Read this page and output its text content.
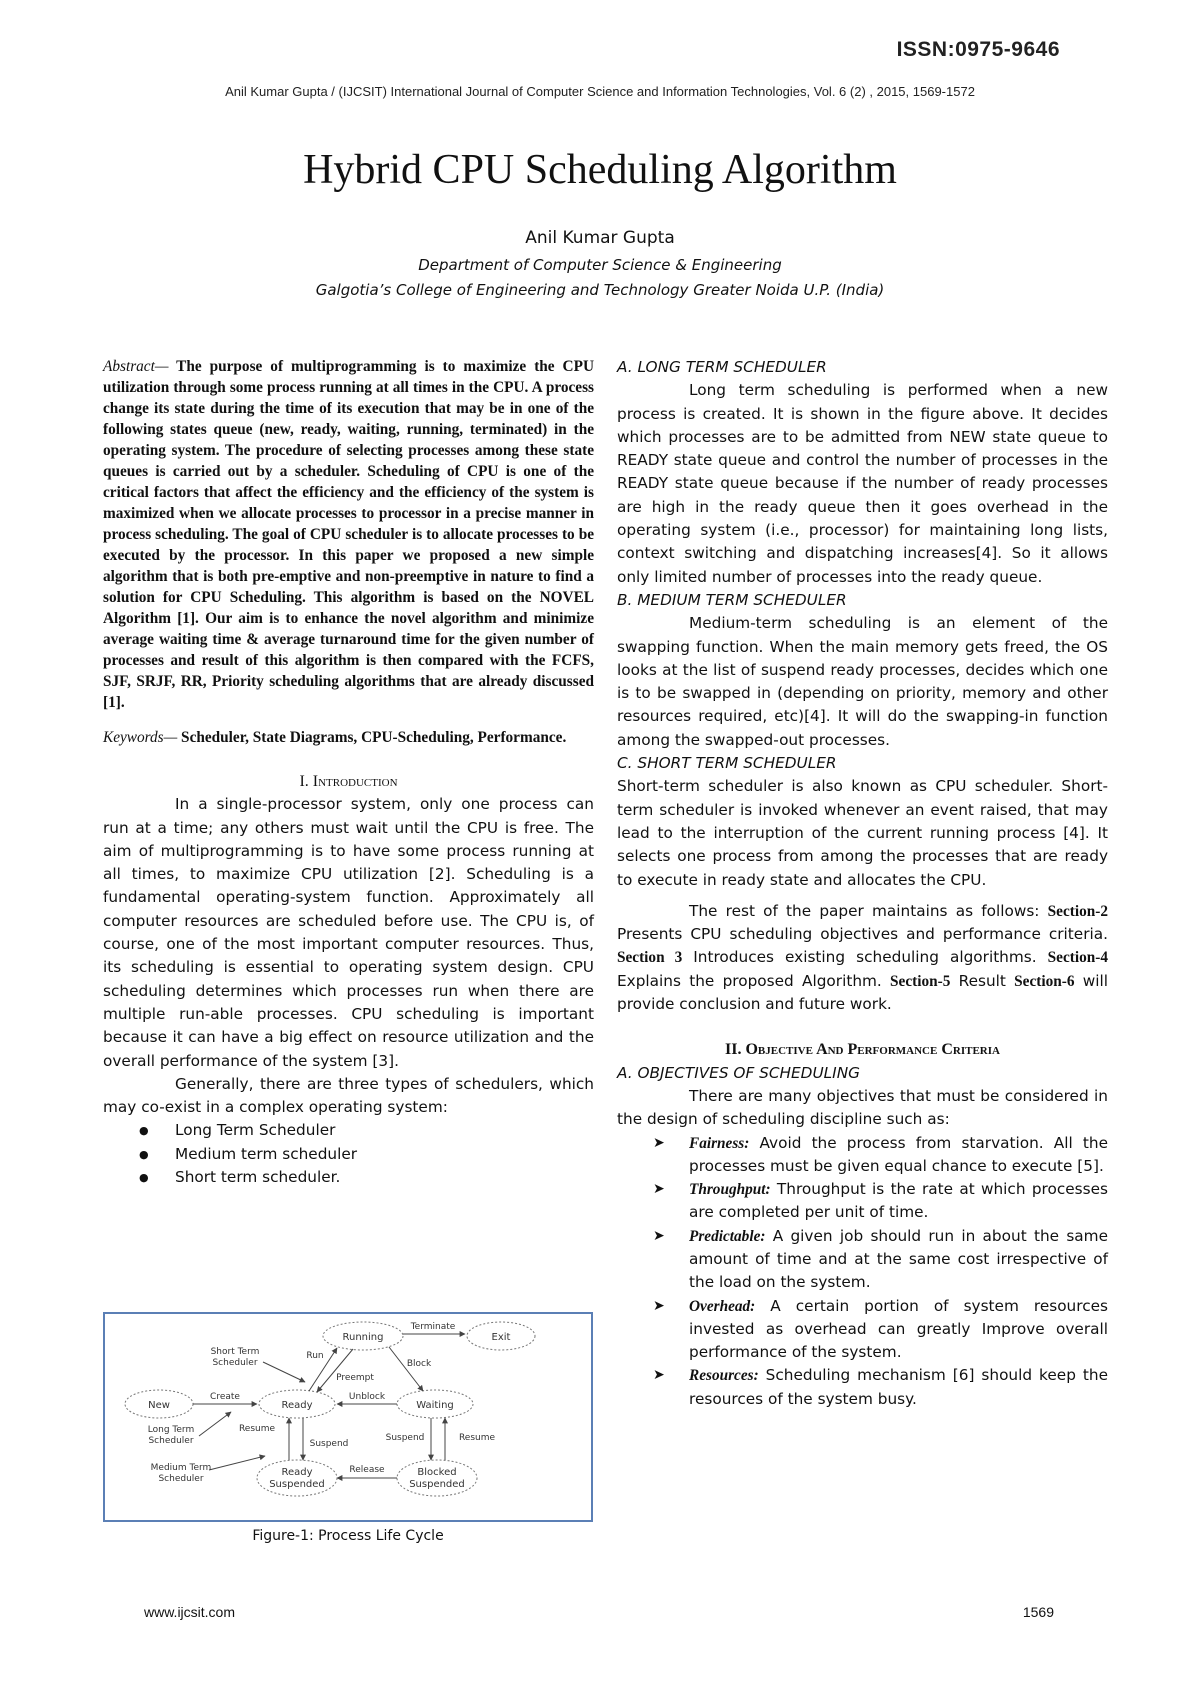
ISSN:0975-9646
Anil Kumar Gupta / (IJCSIT) International Journal of Computer Science and Information Technologies, Vol. 6 (2) , 2015, 1569-1572
Hybrid CPU Scheduling Algorithm
Anil Kumar Gupta
Department of Computer Science & Engineering
Galgotia’s College of Engineering and Technology Greater Noida U.P. (India)

Abstract— The purpose of multiprogramming is to maximize the CPU utilization through some process running at all times in the CPU. A process change its state during the time of its execution that may be in one of the following states queue (new, ready, waiting, running, terminated) in the operating system. The procedure of selecting processes among these state queues is carried out by a scheduler. Scheduling of CPU is one of the critical factors that affect the efficiency and the efficiency of the system is maximized when we allocate processes to processor in a precise manner in process scheduling. The goal of CPU scheduler is to allocate processes to be executed by the processor. In this paper we proposed a new simple algorithm that is both pre-emptive and non-preemptive in nature to find a solution for CPU Scheduling. This algorithm is based on the NOVEL Algorithm [1]. Our aim is to enhance the novel algorithm and minimize average waiting time & average turnaround time for the given number of processes and result of this algorithm is then compared with the FCFS, SJF, SRJF, RR, Priority scheduling algorithms that are already discussed [1].

Keywords— Scheduler, State Diagrams, CPU-Scheduling, Performance.

I. Introduction

In a single-processor system, only one process can run at a time; any others must wait until the CPU is free. The aim of multiprogramming is to have some process running at all times, to maximize CPU utilization [2]. Scheduling is a fundamental operating-system function. Approximately all computer resources are scheduled before use. The CPU is, of course, one of the most important computer resources. Thus, its scheduling is essential to operating system design. CPU scheduling determines which processes run when there are multiple run-able processes. CPU scheduling is important because it can have a big effect on resource utilization and the overall performance of the system [3].

Generally, there are three types of schedulers, which may co-exist in a complex operating system:

● Long Term Scheduler
● Medium term scheduler
● Short term scheduler.
New	Ready
Running	Exit
Waiting
Ready
Suspended
Blocked
Suspended
Create
Run
Terminate
Block
Preempt
Unblock
Suspend
Resume
Suspend	Resume
Release
Short Term
Scheduler
Long Term
Scheduler
Medium Term
Scheduler
Figure-1: Process Life Cycle

A. LONG TERM SCHEDULER

Long term scheduling is performed when a new process is created. It is shown in the figure above. It decides which processes are to be admitted from NEW state queue to READY state queue and control the number of processes in the READY state queue because if the number of ready processes are high in the ready queue then it goes overhead in the operating system (i.e., processor) for maintaining long lists, context switching and dispatching increases[4]. So it allows only limited number of processes into the ready queue.

B. MEDIUM TERM SCHEDULER

Medium-term scheduling is an element of the swapping function. When the main memory gets freed, the OS looks at the list of suspend ready processes, decides which one is to be swapped in (depending on priority, memory and other resources required, etc)[4]. It will do the swapping-in function among the swapped-out processes.

C. SHORT TERM SCHEDULER

Short-term scheduler is also known as CPU scheduler. Short-term scheduler is invoked whenever an event raised, that may lead to the interruption of the current running process [4]. It selects one process from among the processes that are ready to execute in ready state and allocates the CPU.

The rest of the paper maintains as follows: Section-2 Presents CPU scheduling objectives and performance criteria. Section 3 Introduces existing scheduling algorithms. Section-4 Explains the proposed Algorithm. Section-5 Result Section-6 will provide conclusion and future work.

II. Objective And Performance Criteria

A. OBJECTIVES OF SCHEDULING

There are many objectives that must be considered in the design of scheduling discipline such as:

➤ Fairness: Avoid the process from starvation. All the processes must be given equal chance to execute [5].
➤ Throughput: Throughput is the rate at which processes are completed per unit of time.
➤ Predictable: A given job should run in about the same amount of time and at the same cost irrespective of the load on the system.
➤ Overhead: A certain portion of system resources invested as overhead can greatly Improve overall performance of the system.
➤ Resources: Scheduling mechanism [6] should keep the resources of the system busy.
www.ijcsit.com	1569
